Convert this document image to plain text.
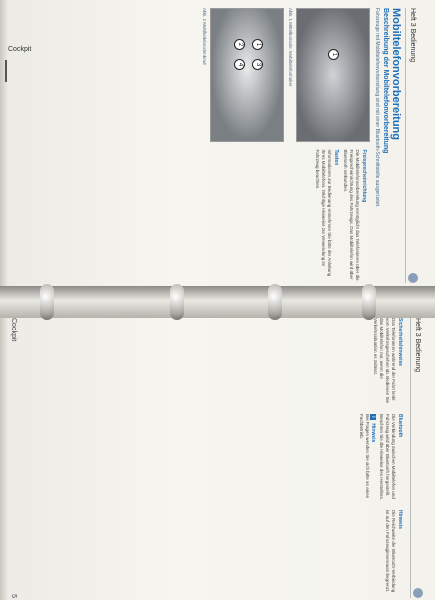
Cockpit	Heft 3 Bedienung
Mobiltelefonvorbereitung
Beschreibung der Mobiltelefonvorbereitung
Fahrzeuge mit Mobiltelefonvorbereitung sind mit einer Bluetooth-Schnittstelle ausgerüstet.
1
Abb. 1 Mittelkonsole: Mobiltelefonhalter
1
2
3
4
Abb. 2 Multifunktionslenkrad
Freisprecheinrichtung

Die Mobiltelefonvorbereitung ermöglicht das Telefonieren über die Freisprecheinrichtung des Fahrzeugs. Das Mobiltelefon wird über Bluetooth verbunden.

Tasten

Informationen zur Bedienung entnehmen Sie bitte der Anleitung Ihres Mobiltelefons. Wichtige Hinweise zur Verwendung im Fahrzeug beachten.

Heft 3 Bedienung
Sicherheitshinweise

Das Telefonieren während der Fahrt lenkt vom Verkehrsgeschehen ab. Bedienen Sie das Mobiltelefon nur, wenn die Verkehrssituation es zulässt.

Bluetooth

Die Verbindung zwischen Mobiltelefon und Fahrzeug wird über Bluetooth hergestellt. Beachten Sie die Hinweise des Herstellers.

i Hinweis

Bei Fragen wenden Sie sich bitte an einen Fachbetrieb.

Hinweis

Die Reichweite der Bluetooth-Verbindung ist auf den Fahrzeuginnenraum begrenzt.

Cockpit
5
